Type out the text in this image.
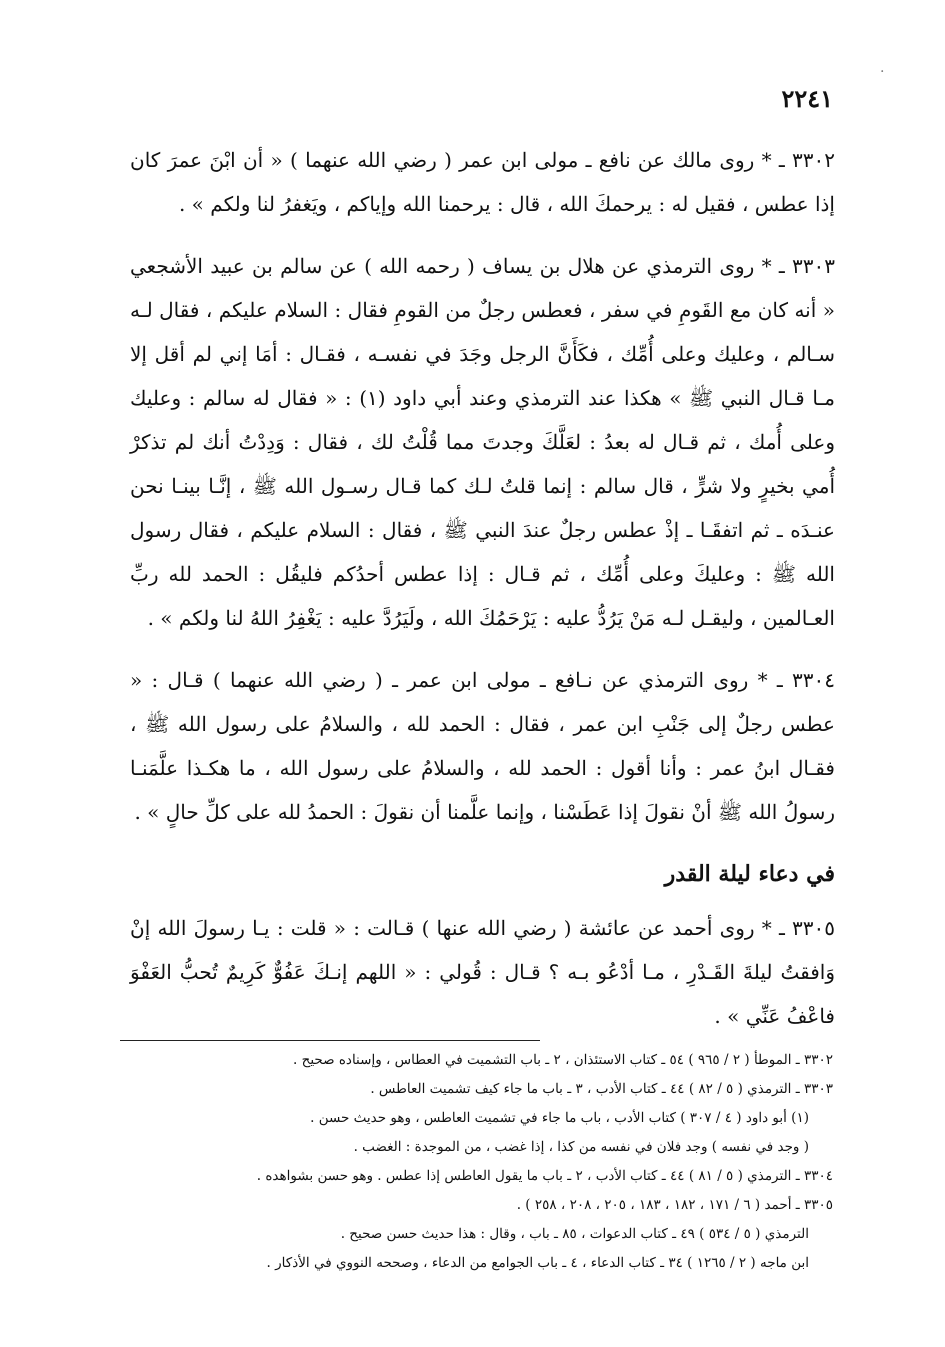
٢٢٤١
.

٣٣٠٢ ـ * روى مالك عن نافع ـ مولى ابن عمر ( رضي الله عنهما ) « أن ابْنَ عمرَ كان إذا عطس ، فقيل له : يرحمكَ الله ، قال : يرحمنا الله وإياكم ، ويَغفرُ لنا ولكم » .

٣٣٠٣ ـ * روى الترمذي عن هلال بن يساف ( رحمه الله ) عن سالم بن عبيد الأشجعي « أنه كان مع القَومِ في سفر ، فعطس رجلٌ من القومِ فقال : السلام عليكم ، فقال لـه سـالم ، وعليك وعلى أُمِّك ، فكَأَنَّ الرجل وجَدَ في نفسـه ، فقـال : أمَا إني لم أقل إلا مـا قـال النبي ﷺ » هكذا عند الترمذي وعند أبي داود (١) : « فقال له سالم : وعليك وعلى أُمك ، ثم قـال له بعدُ : لعَلَّكَ وجدتَ مما قُلْتُ لك ، فقال : وَدِدْتُ أنك لم تذكرْ أُمي بخيرٍ ولا شرٍّ ، قال سالم : إنما قلتُ لـك كما قـال رسـول الله ﷺ ، إنَّـا بينـا نحن عنـدَه ـ ثم اتفقَـا ـ إذْ عطس رجلٌ عندَ النبي ﷺ ، فقال : السلام عليكم ، فقال رسول الله ﷺ : وعليكَ وعلى أُمِّك ، ثم قـال : إذا عطس أحدُكم فليقُل : الحمد لله ربِّ العـالمين ، وليقـل لـه مَنْ يَرُدُّ عليه : يَرْحَمُكَ الله ، ولَيَرُدَّ عليه : يَغْفِرُ اللهُ لنا ولكم » .

٣٣٠٤ ـ * روى الترمذي عن نـافع ـ مولى ابن عمر ـ ( رضي الله عنهما ) قـال : « عطس رجلٌ إلى جَنْبِ ابن عمر ، فقال : الحمد لله ، والسلامُ على رسول الله ﷺ ، فقـال ابنُ عمر : وأنا أقول : الحمد لله ، والسلامُ على رسول الله ، ما هكـذا علَّمَنـا رسولُ الله ﷺ أنْ نقولَ إذا عَطَسْنا ، وإنما علَّمنا أن نقولَ : الحمدُ لله على كلِّ حالٍ » .

في دعاء ليلة القدر

٣٣٠٥ ـ * روى أحمد عن عائشة ( رضي الله عنها ) قـالت : « قلت : يـا رسولَ الله إنْ وَافقتُ ليلةَ القَـدْرِ ، مـا أدْعُو بـه ؟ قـال : قُولي : « اللهم إنـكَ عَفُوٌّ كَرِيمٌ تُحبُّ العَفْوَ فاعْفُ عَنِّي » .

٣٣٠٢ ـ الموطأ ( ٢ / ٩٦٥ ) ٥٤ ـ كتاب الاستئذان ، ٢ ـ باب التشميت في العطاس ، وإسناده صحيح .

٣٣٠٣ ـ الترمذي ( ٥ / ٨٢ ) ٤٤ ـ كتاب الأدب ، ٣ ـ باب ما جاء كيف تشميت العاطس .

(١) أبو داود ( ٤ / ٣٠٧ ) كتاب الأدب ، باب ما جاء في تشميت العاطس ، وهو حديث حسن .

( وجد في نفسه ) وجد فلان في نفسه من كذا ، إذا غضب ، من الموجدة : الغضب .

٣٣٠٤ ـ الترمذي ( ٥ / ٨١ ) ٤٤ ـ كتاب الأدب ، ٢ ـ باب ما يقول العاطس إذا عطس . وهو حسن بشواهده .

٣٣٠٥ ـ أحمد ( ٦ / ١٧١ ، ١٨٢ ، ١٨٣ ، ٢٠٥ ، ٢٠٨ ، ٢٥٨ ) .

الترمذي ( ٥ / ٥٣٤ ) ٤٩ ـ كتاب الدعوات ، ٨٥ ـ باب ، وقال : هذا حديث حسن صحيح .

ابن ماجه ( ٢ / ١٢٦٥ ) ٣٤ ـ كتاب الدعاء ، ٤ ـ باب الجوامع من الدعاء ، وصححه النووي في الأذكار .
